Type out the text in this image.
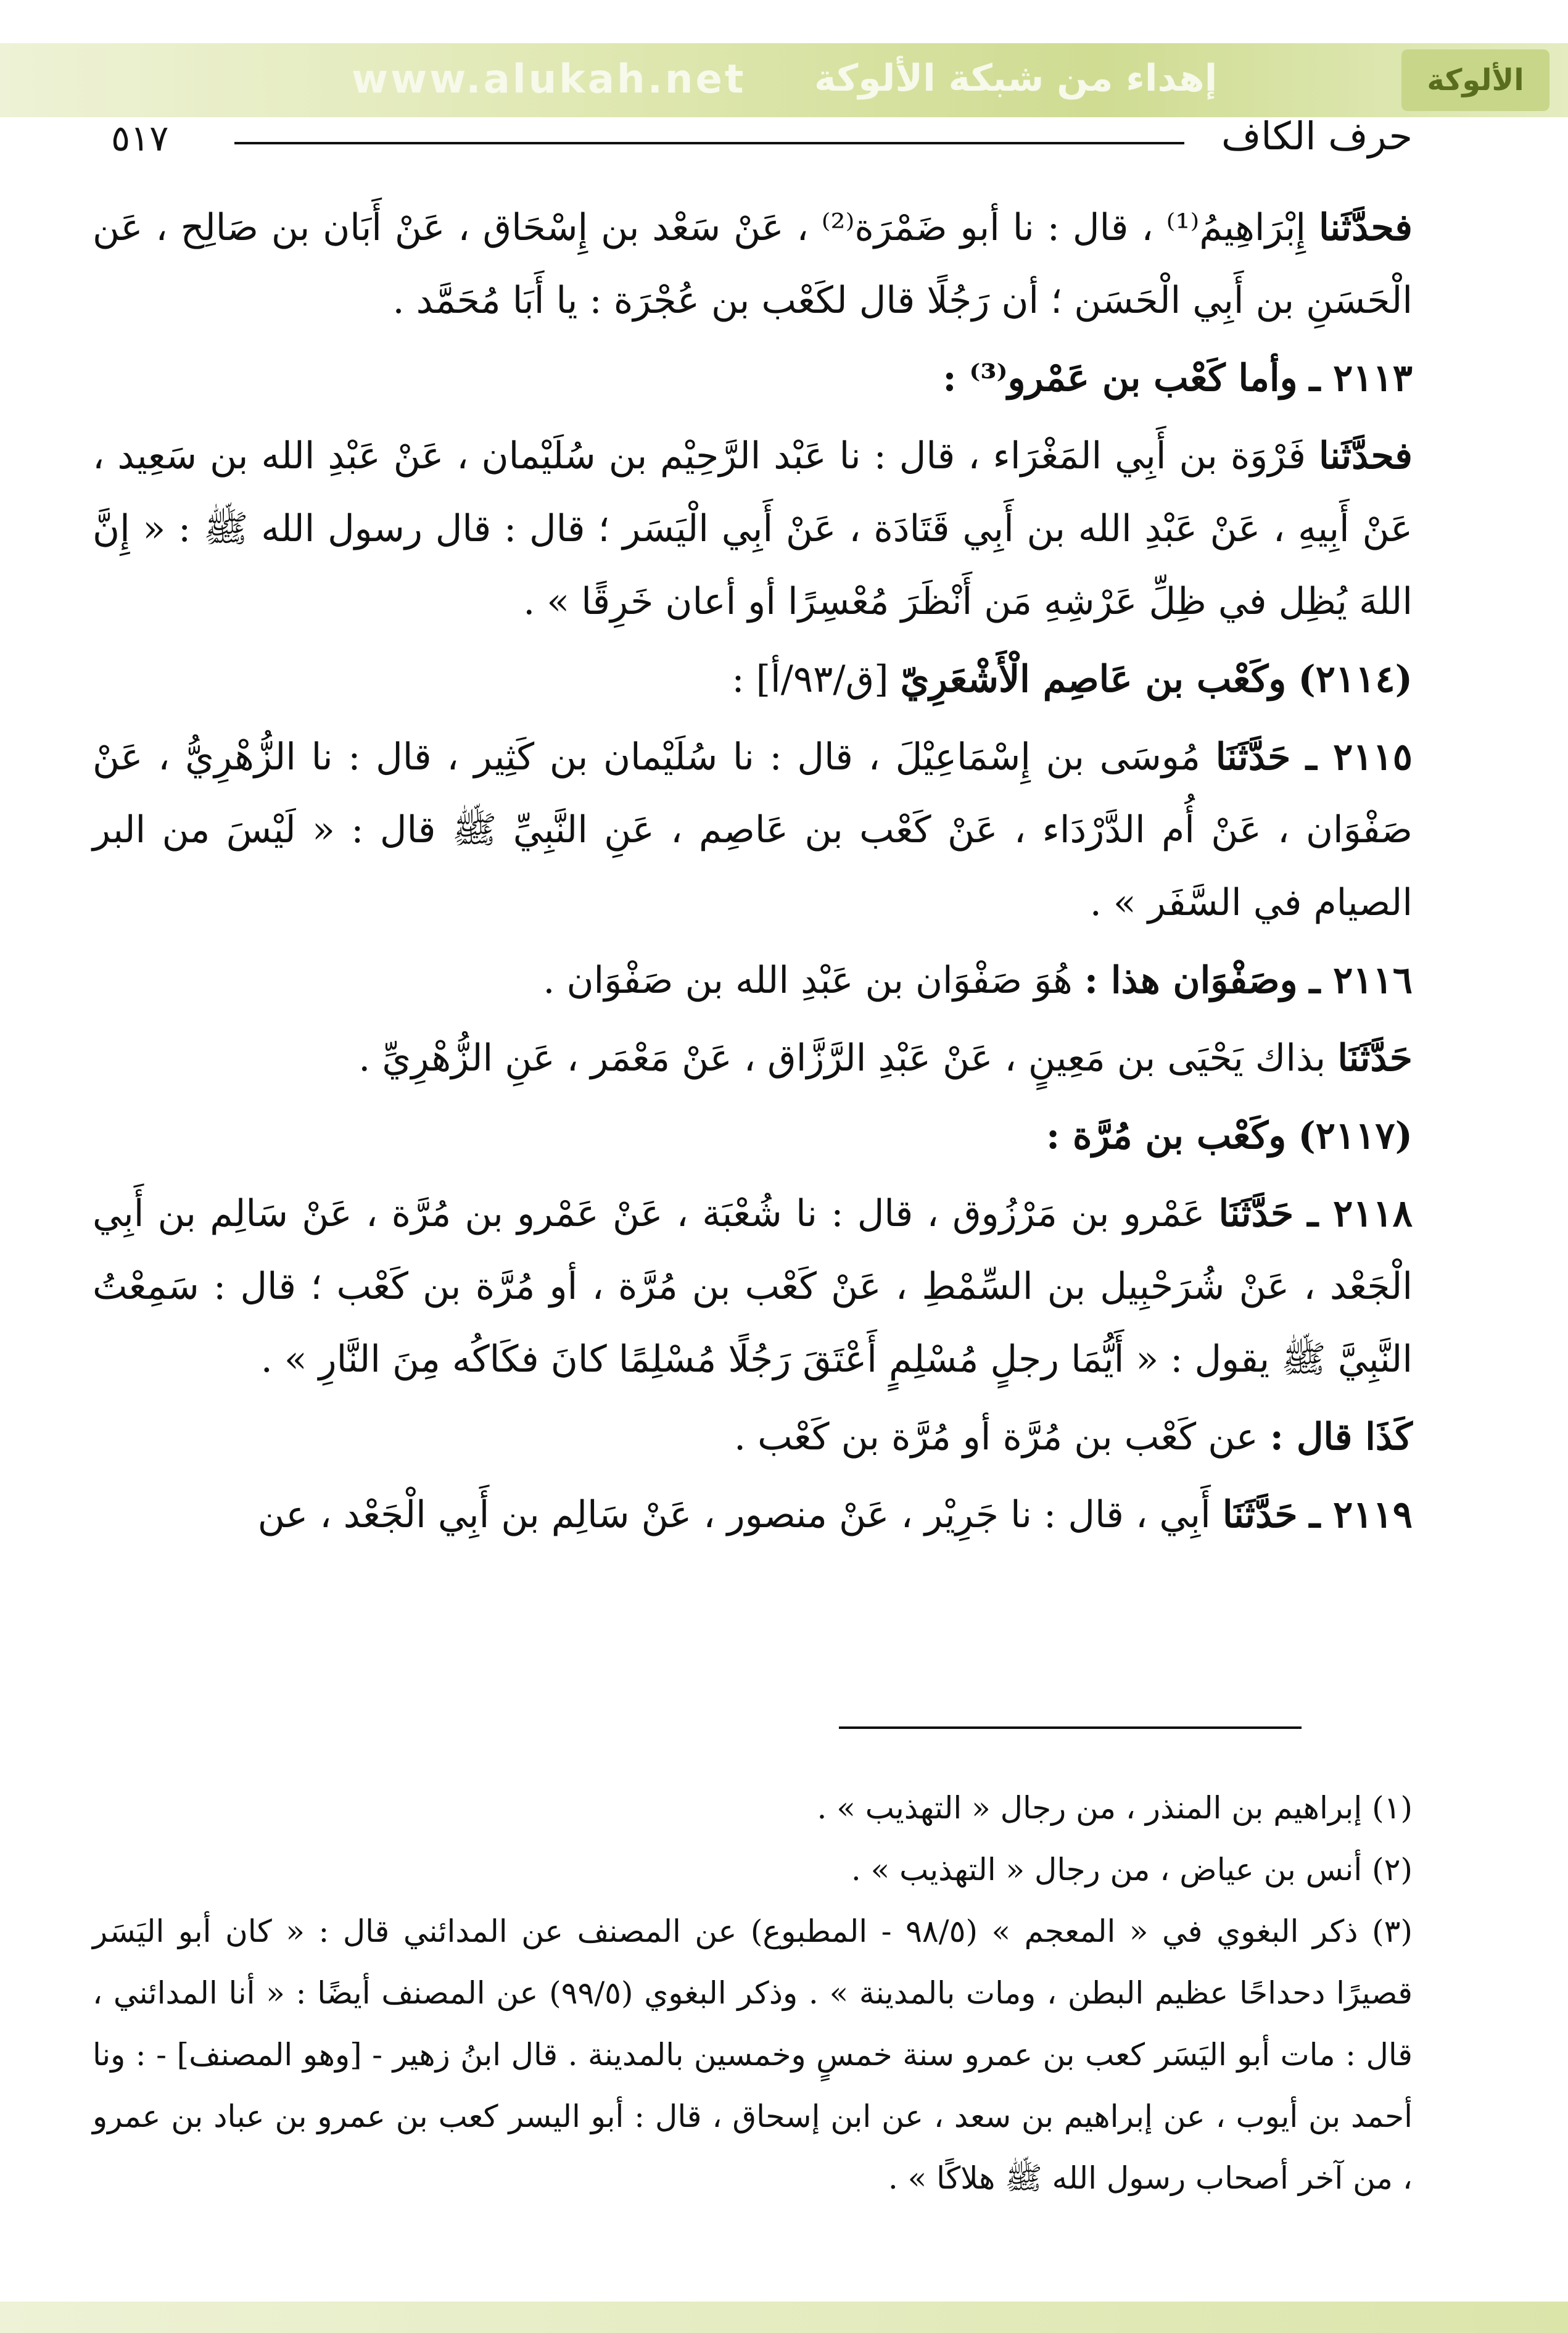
www.alukah.net إهداء من شبكة الألوكة	الألوكة
٥١٧	حرف الكاف

فحدَّثَنا إِبْرَاهِيمُ⁽¹⁾ ، قال : نا أبو ضَمْرَة⁽²⁾ ، عَنْ سَعْد بن إِسْحَاق ، عَنْ أَبَان بن صَالِح ، عَن الْحَسَنِ بن أَبِي الْحَسَن ؛ أن رَجُلًا قال لكَعْب بن عُجْرَة : يا أَبَا مُحَمَّد .

٢١١٣ ـ وأما كَعْب بن عَمْرو⁽³⁾ :

فحدَّثَنا فَرْوَة بن أَبِي المَغْرَاء ، قال : نا عَبْد الرَّحِيْم بن سُلَيْمان ، عَنْ عَبْدِ الله بن سَعِيد ، عَنْ أَبِيهِ ، عَنْ عَبْدِ الله بن أَبِي قَتَادَة ، عَنْ أَبِي الْيَسَر ؛ قال : قال رسول الله ﷺ : « إِنَّ اللهَ يُظِل في ظِلِّ عَرْشِهِ مَن أَنْظَرَ مُعْسِرًا أو أعان خَرِقًا » .

(٢١١٤) وكَعْب بن عَاصِم الْأَشْعَرِيّ [ق/٩٣/أ] :

٢١١٥ ـ حَدَّثَنَا مُوسَى بن إِسْمَاعِيْلَ ، قال : نا سُلَيْمان بن كَثِير ، قال : نا الزُّهْرِيُّ ، عَنْ صَفْوَان ، عَنْ أُم الدَّرْدَاء ، عَنْ كَعْب بن عَاصِم ، عَنِ النَّبِيِّ ﷺ قال : « لَيْسَ من البر الصيام في السَّفَر » .

٢١١٦ ـ وصَفْوَان هذا : هُوَ صَفْوَان بن عَبْدِ الله بن صَفْوَان .

حَدَّثَنَا بذاك يَحْيَى بن مَعِينٍ ، عَنْ عَبْدِ الرَّزَّاق ، عَنْ مَعْمَر ، عَنِ الزُّهْرِيِّ .

(٢١١٧) وكَعْب بن مُرَّة :

٢١١٨ ـ حَدَّثَنَا عَمْرو بن مَرْزُوق ، قال : نا شُعْبَة ، عَنْ عَمْرو بن مُرَّة ، عَنْ سَالِم بن أَبِي الْجَعْد ، عَنْ شُرَحْبِيل بن السِّمْطِ ، عَنْ كَعْب بن مُرَّة ، أو مُرَّة بن كَعْب ؛ قال : سَمِعْتُ النَّبِيَّ ﷺ يقول : « أَيُّمَا رجلٍ مُسْلِمٍ أَعْتَقَ رَجُلًا مُسْلِمًا كانَ فكَاكُه مِنَ النَّارِ » .

كَذَا قال : عن كَعْب بن مُرَّة أو مُرَّة بن كَعْب .

٢١١٩ ـ حَدَّثَنَا أَبِي ، قال : نا جَرِيْر ، عَنْ منصور ، عَنْ سَالِم بن أَبِي الْجَعْد ، عن

(١) إبراهيم بن المنذر ، من رجال « التهذيب » .

(٢) أنس بن عياض ، من رجال « التهذيب » .

(٣) ذكر البغوي في « المعجم » (٩٨/٥ - المطبوع) عن المصنف عن المدائني قال : « كان أبو اليَسَر قصيرًا دحداحًا عظيم البطن ، ومات بالمدينة » . وذكر البغوي (٩٩/٥) عن المصنف أيضًا : « أنا المدائني ، قال : مات أبو اليَسَر كعب بن عمرو سنة خمسٍ وخمسين بالمدينة . قال ابنُ زهير - [وهو المصنف] - : ونا أحمد بن أيوب ، عن إبراهيم بن سعد ، عن ابن إسحاق ، قال : أبو اليسر كعب بن عمرو بن عباد بن عمرو ، من آخر أصحاب رسول الله ﷺ هلاكًا » .
